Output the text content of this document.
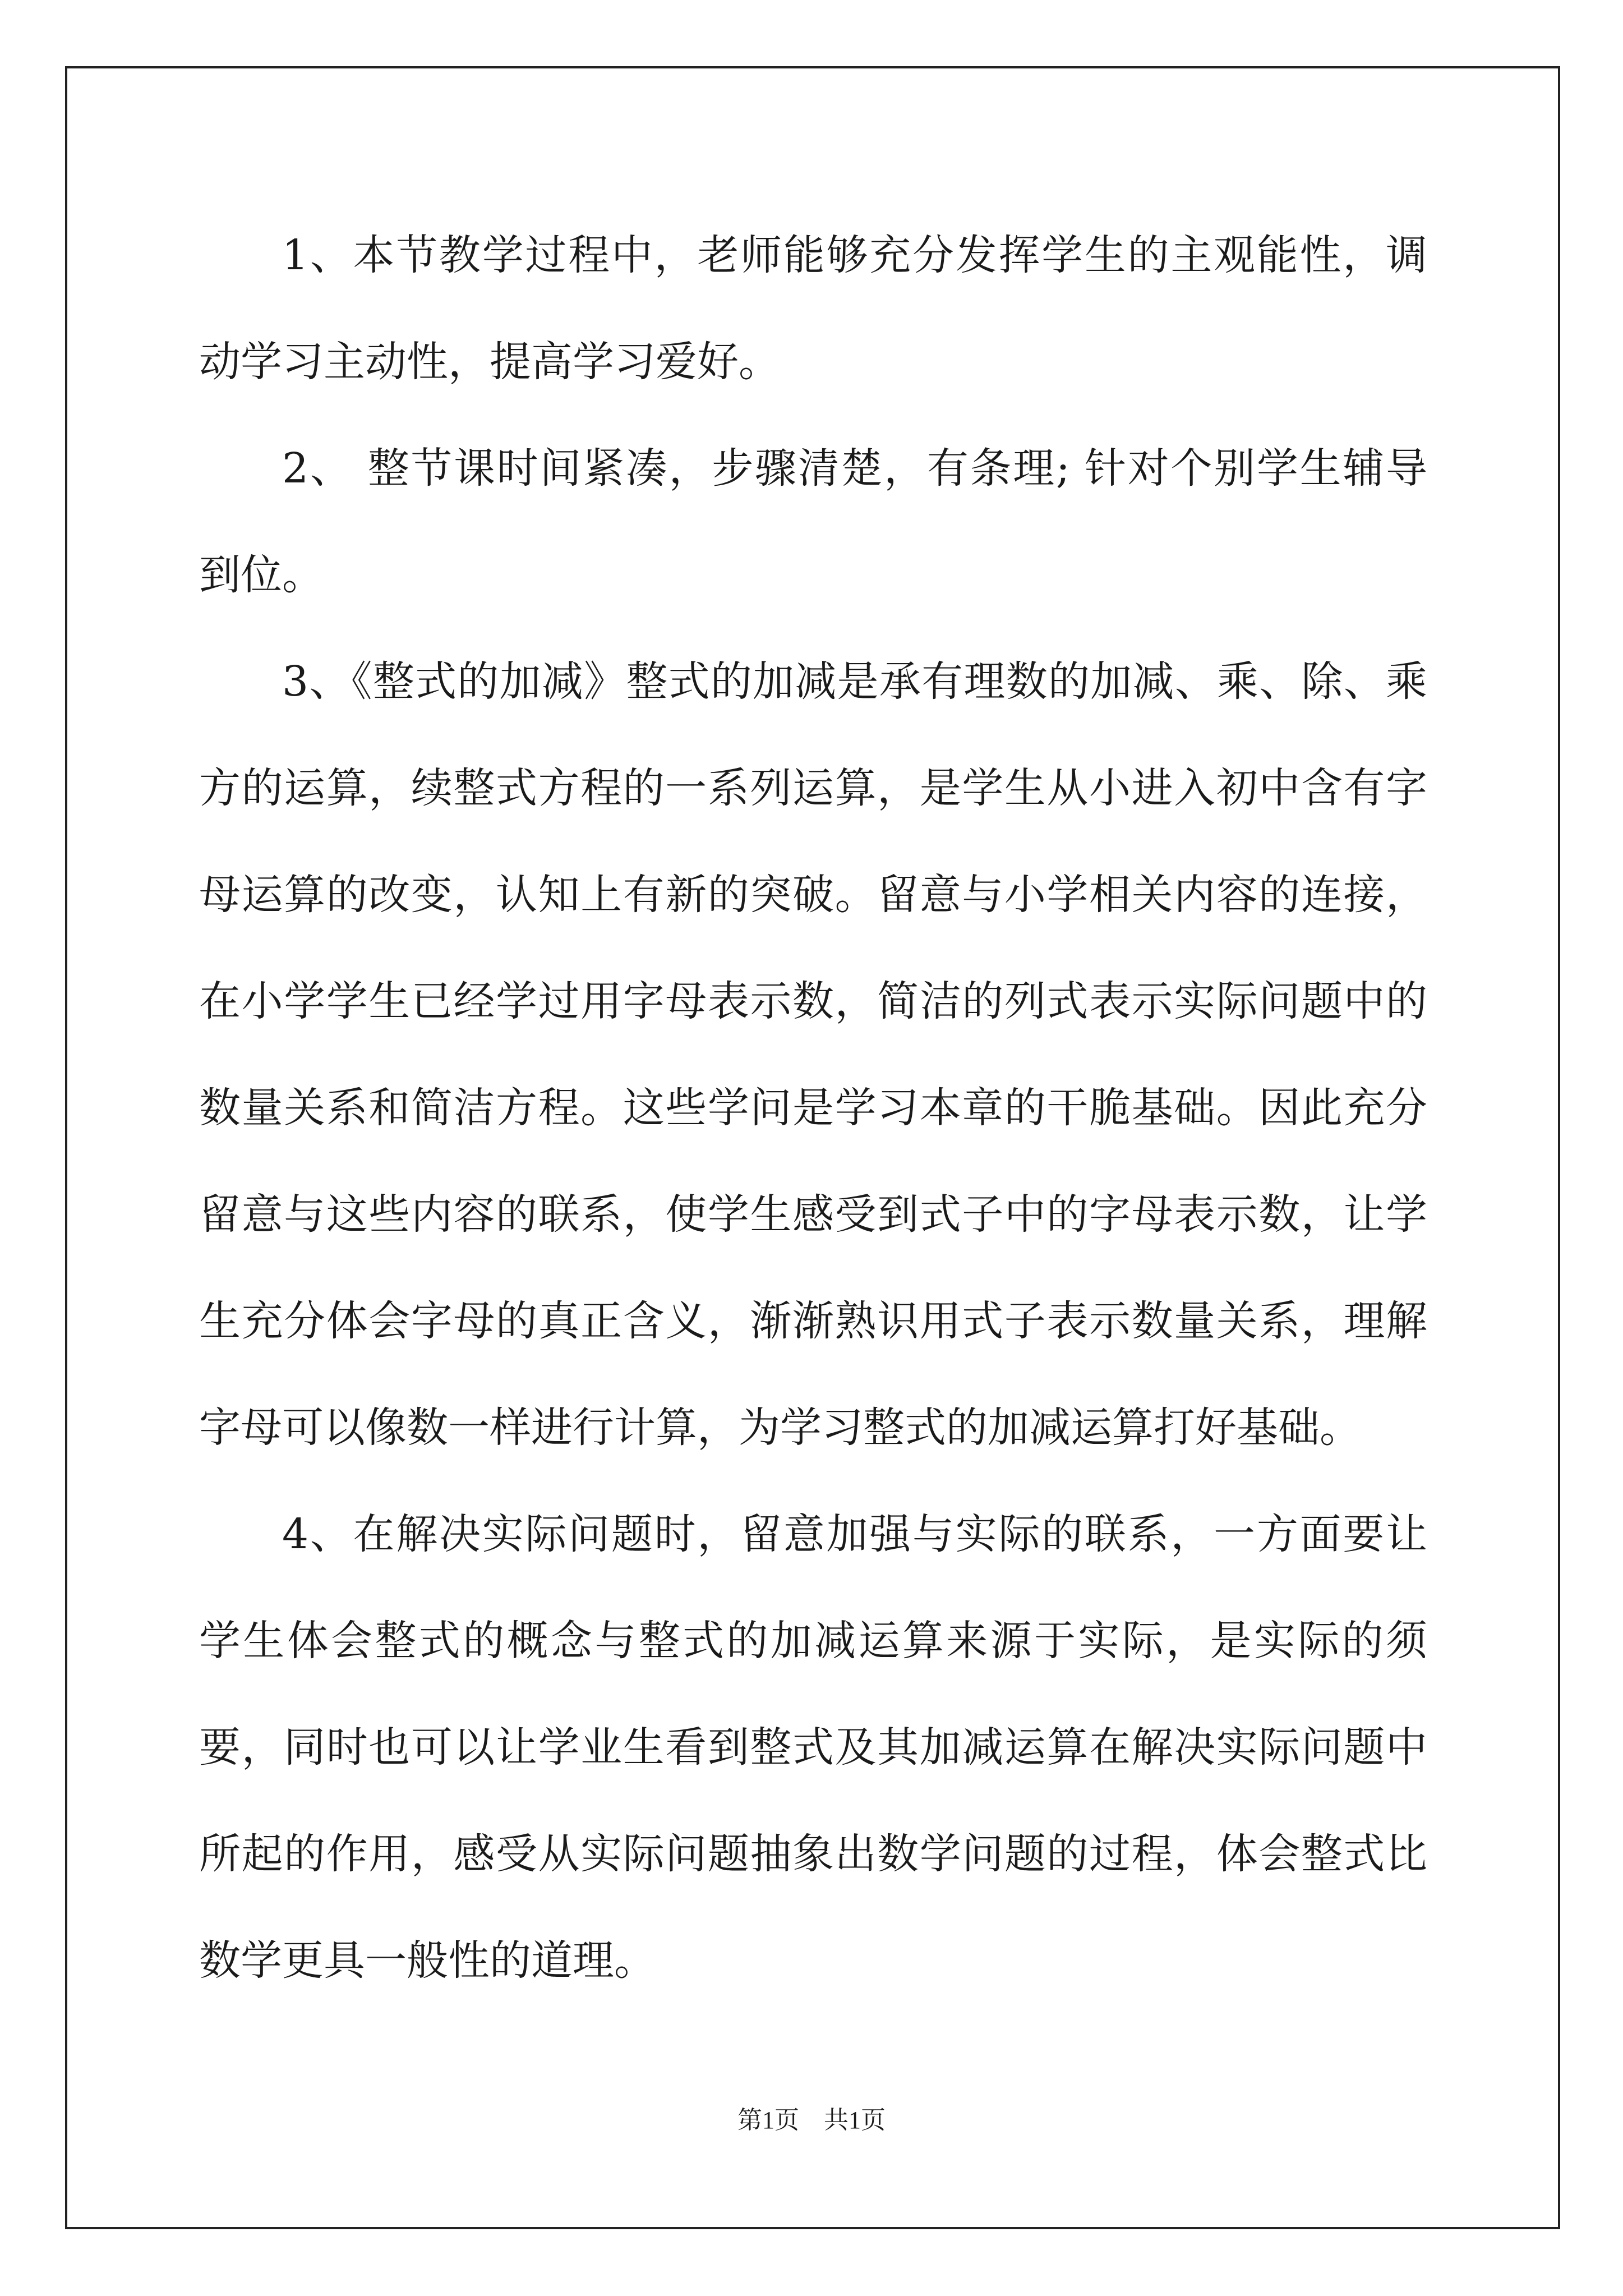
1、本节教学过程中，老师能够充分发挥学生的主观能性，调动学习主动性，提高学习爱好。

2、 整节课时间紧凑，步骤清楚，有条理; 针对个别学生辅导到位。

3、《整式的加减》整式的加减是承有理数的加减、乘、除、乘方的运算，续整式方程的一系列运算，是学生从小进入初中含有字母运算的改变，认知上有新的突破。留意与小学相关内容的连接，在小学学生已经学过用字母表示数，简洁的列式表示实际问题中的数量关系和简洁方程。这些学问是学习本章的干脆基础。因此充分留意与这些内容的联系，使学生感受到式子中的字母表示数，让学生充分体会字母的真正含义，渐渐熟识用式子表示数量关系，理解字母可以像数一样进行计算，为学习整式的加减运算打好基础。

4、在解决实际问题时，留意加强与实际的联系，一方面要让学生体会整式的概念与整式的加减运算来源于实际，是实际的须要，同时也可以让学业生看到整式及其加减运算在解决实际问题中所起的作用，感受从实际问题抽象出数学问题的过程，体会整式比数学更具一般性的道理。

第1页　共1页
